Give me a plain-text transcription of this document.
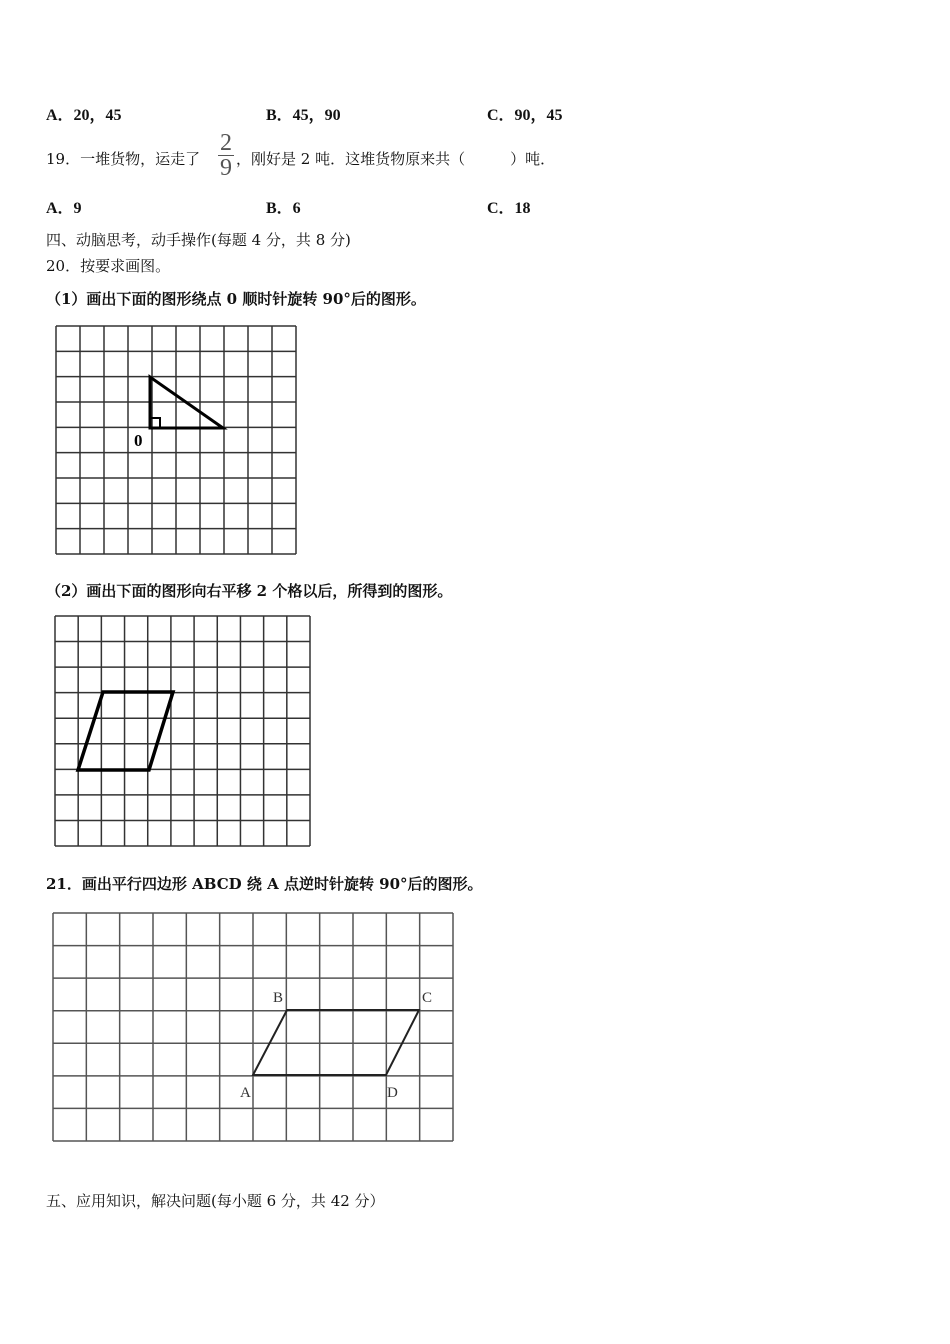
A．20，45	B．45，90	C．90，45
19．一堆货物，运走了
2
9 ，刚好是 2 吨．这堆货物原来共（　　　）吨．
A．9	B．6	C．18
四、动脑思考，动手操作(每题 4 分，共 8 分)
20．按要求画图。
（1）画出下面的图形绕点 0 顺时针旋转 90°后的图形。
0
（2）画出下面的图形向右平移 2 个格以后，所得到的图形。
21．画出平行四边形 ABCD 绕 A 点逆时针旋转 90°后的图形。
A
B	C
D
五、应用知识，解决问题(每小题 6 分，共 42 分）
